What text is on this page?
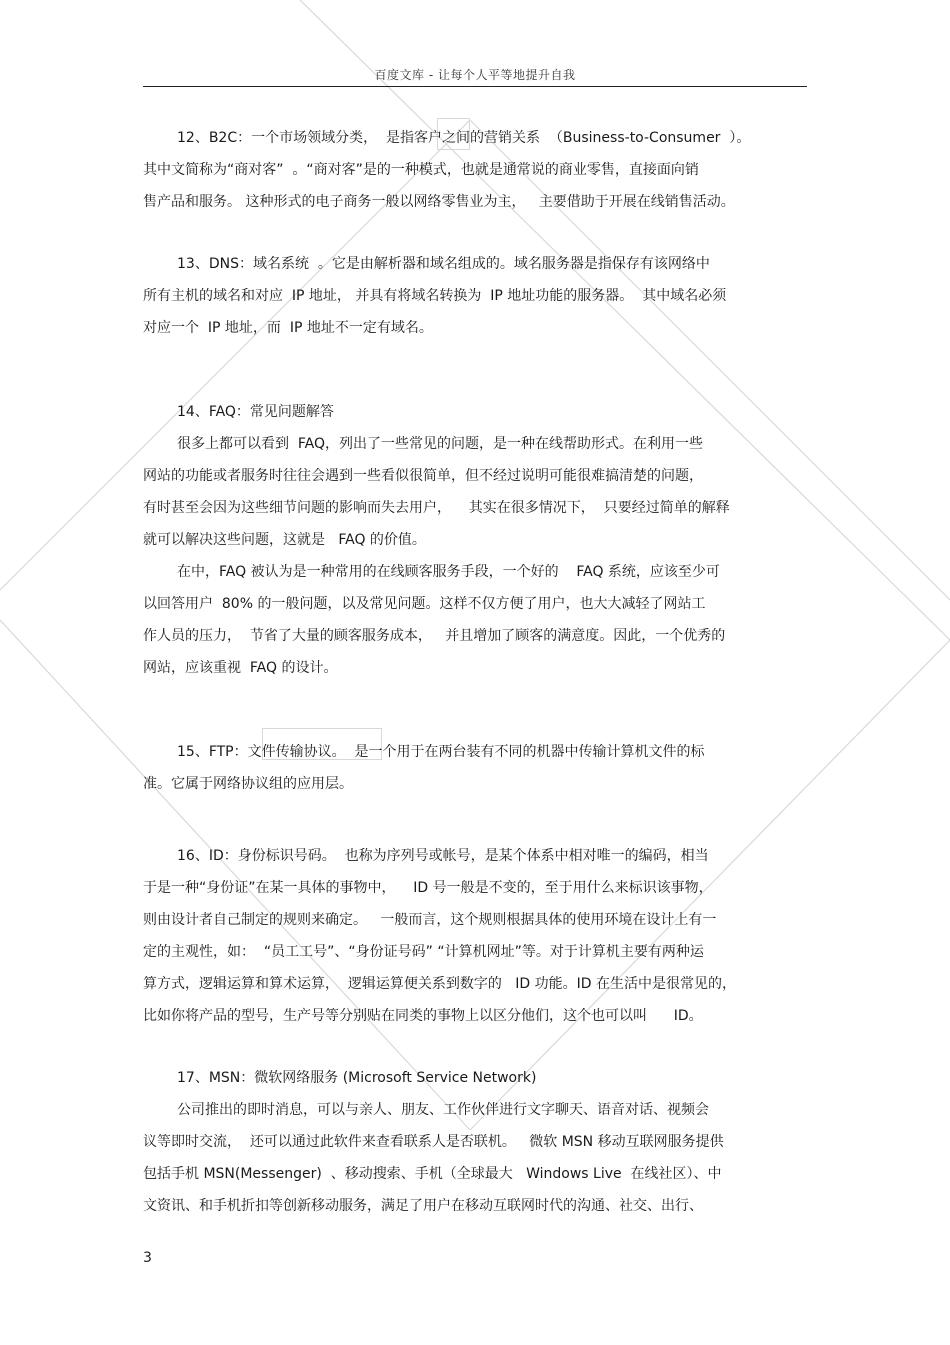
百度文库 - 让每个人平等地提升自我
12、B2C：一个市场领域分类，  是指客户之间的营销关系  （Business-to-Consumer  ）。
其中文简称为“商对客”  。“商对客”是的一种模式，也就是通常说的商业零售，直接面向销
售产品和服务。 这种形式的电子商务一般以网络零售业为主，   主要借助于开展在线销售活动。
13、DNS：域名系统  。它是由解析器和域名组成的。域名服务器是指保存有该网络中
所有主机的域名和对应  IP 地址， 并具有将域名转换为  IP 地址功能的服务器。  其中域名必须
对应一个  IP 地址，而  IP 地址不一定有域名。
14、FAQ：常见问题解答
很多上都可以看到  FAQ，列出了一些常见的问题，是一种在线帮助形式。在利用一些
网站的功能或者服务时往往会遇到一些看似很简单，但不经过说明可能很难搞清楚的问题，
有时甚至会因为这些细节问题的影响而失去用户，    其实在很多情况下，  只要经过简单的解释
就可以解决这些问题，这就是   FAQ 的价值。
在中，FAQ 被认为是一种常用的在线顾客服务手段，一个好的    FAQ 系统，应该至少可
以回答用户  80% 的一般问题，以及常见问题。这样不仅方便了用户，也大大减轻了网站工
作人员的压力，  节省了大量的顾客服务成本，   并且增加了顾客的满意度。因此，一个优秀的
网站，应该重视  FAQ 的设计。
15、FTP：文件传输协议。  是一个用于在两台装有不同的机器中传输计算机文件的标
准。它属于网络协议组的应用层。
16、ID：身份标识号码。  也称为序列号或帐号，是某个体系中相对唯一的编码，相当
于是一种“身份证”在某一具体的事物中，    ID 号一般是不变的，至于用什么来标识该事物，
则由设计者自己制定的规则来确定。   一般而言，这个规则根据具体的使用环境在设计上有一
定的主观性，如：  “员工工号”、“身份证号码” “计算机网址”等。对于计算机主要有两种运
算方式，逻辑运算和算术运算，  逻辑运算便关系到数字的   ID 功能。ID 在生活中是很常见的，
比如你将产品的型号，生产号等分别贴在同类的事物上以区分他们，这个也可以叫      ID。
17、MSN：微软网络服务 (Microsoft Service Network)
公司推出的即时消息，可以与亲人、朋友、工作伙伴进行文字聊天、语音对话、视频会
议等即时交流，  还可以通过此软件来查看联系人是否联机。   微软 MSN 移动互联网服务提供
包括手机 MSN(Messenger)  、移动搜索、手机（全球最大   Windows Live  在线社区）、中
文资讯、和手机折扣等创新移动服务，满足了用户在移动互联网时代的沟通、社交、出行、
3
